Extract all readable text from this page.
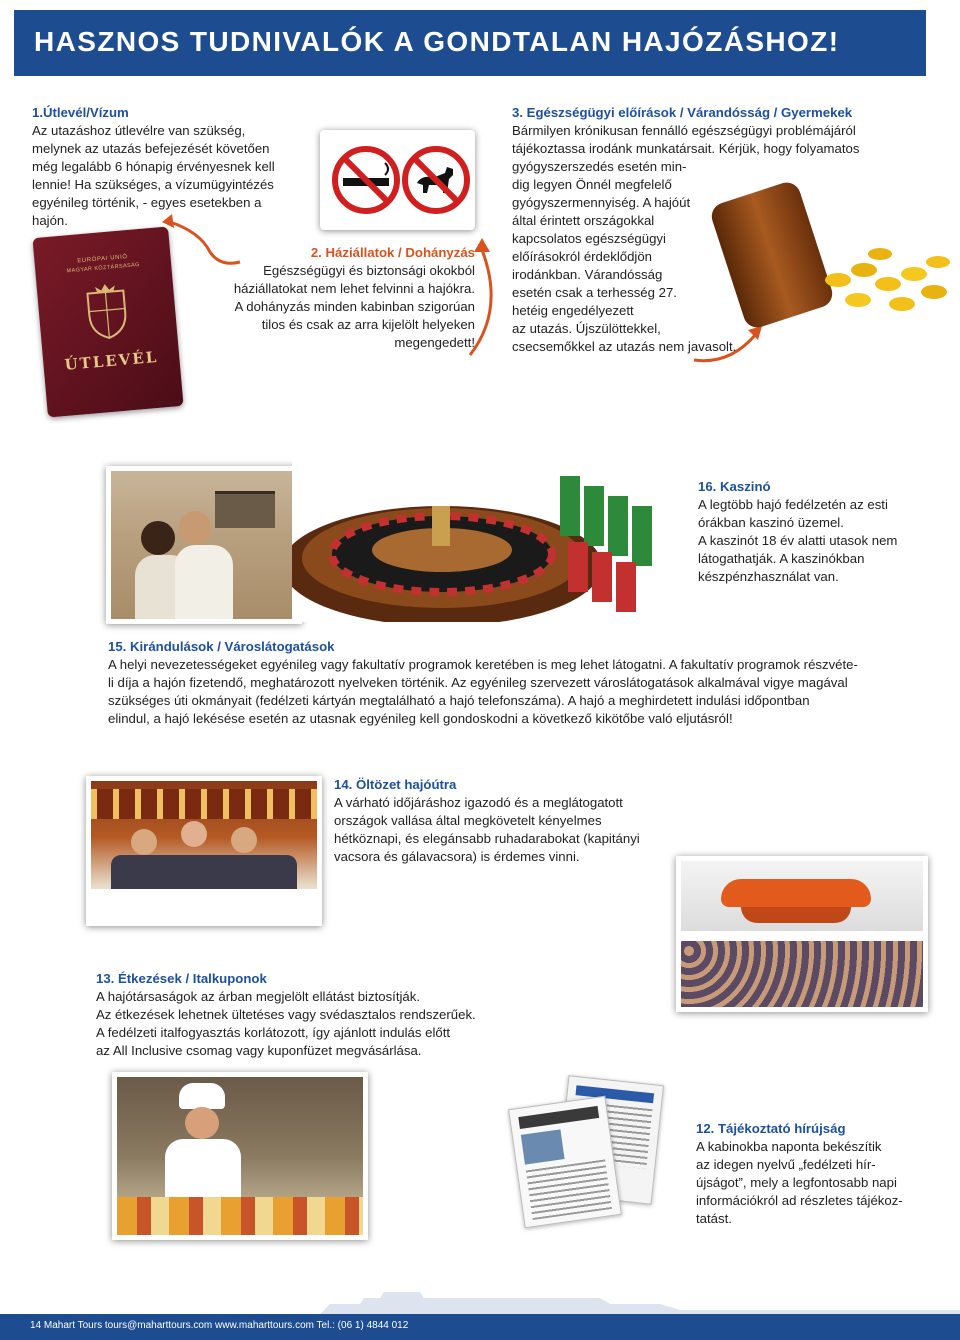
HASZNOS TUDNIVALÓK A GONDTALAN HAJÓZÁSHOZ!
1.Útlevél/Vízum

Az utazáshoz útlevélre van szükség,

melynek az utazás befejezését követően

még legalább 6 hónapig érvényesnek kell

lennie! Ha szükséges, a vízumügyintézés

egyénileg történik, - egyes esetekben a

hajón.

EURÓPAI UNIÓ
MAGYAR KÖZTÁRSASÁG
ÚTLEVÉL
2. Háziállatok / Dohányzás

Egészségügyi és biztonsági okokból

háziállatokat nem lehet felvinni a hajókra.

A dohányzás minden kabinban szigorúan

tilos és csak az arra kijelölt helyeken

megengedett!

3. Egészségügyi előírások / Várandósság / Gyermekek

Bármilyen krónikusan fennálló egészségügyi problémájáról

tájékoztassa irodánk munkatársait. Kérjük, hogy folyamatos

gyógyszerszedés esetén min-

dig legyen Önnél megfelelő

gyógyszermennyiség. A hajóút

által érintett országokkal

kapcsolatos egészségügyi

előírásokról érdeklődjön

irodánkban. Várandósság

esetén csak a terhesség 27.

hetéig engedélyezett

az utazás. Újszülöttekkel,

csecsemőkkel az utazás nem javasolt.

16. Kaszinó

A legtöbb hajó fedélzetén az esti

órákban kaszinó üzemel.

A kaszinót 18 év alatti utasok nem

látogathatják. A kaszinókban

készpénzhasználat van.

15. Kirándulások / Városlátogatások

A helyi nevezetességeket egyénileg vagy fakultatív programok keretében is meg lehet látogatni. A fakultatív programok részvéte-

li díja a hajón fizetendő, meghatározott nyelveken történik. Az egyénileg szervezett városlátogatások alkalmával vigye magával

szükséges úti okmányait (fedélzeti kártyán megtalálható a hajó telefonszáma). A hajó a meghirdetett indulási időpontban

elindul, a hajó lekésése esetén az utasnak egyénileg kell gondoskodni a következő kikötőbe való eljutásról!

14. Öltözet hajóútra

A várható időjáráshoz igazodó és a meglátogatott

országok vallása által megkövetelt kényelmes

hétköznapi, és elegánsabb ruhadarabokat (kapitányi

vacsora és gálavacsora) is érdemes vinni.

13. Étkezések / Italkuponok

A hajótársaságok az árban megjelölt ellátást biztosítják.

Az étkezések lehetnek ültetéses vagy svédasztalos rendszerűek.

A fedélzeti italfogyasztás korlátozott, így ajánlott indulás előtt

az All Inclusive csomag vagy kuponfüzet megvásárlása.

12. Tájékoztató hírújság

A kabinokba naponta bekészítik

az idegen nyelvű „fedélzeti hír-

újságot”, mely a legfontosabb napi

információkról ad részletes tájékoz-

tatást.

14 Mahart Tours tours@maharttours.com www.maharttours.com Tel.: (06 1) 4844 012
